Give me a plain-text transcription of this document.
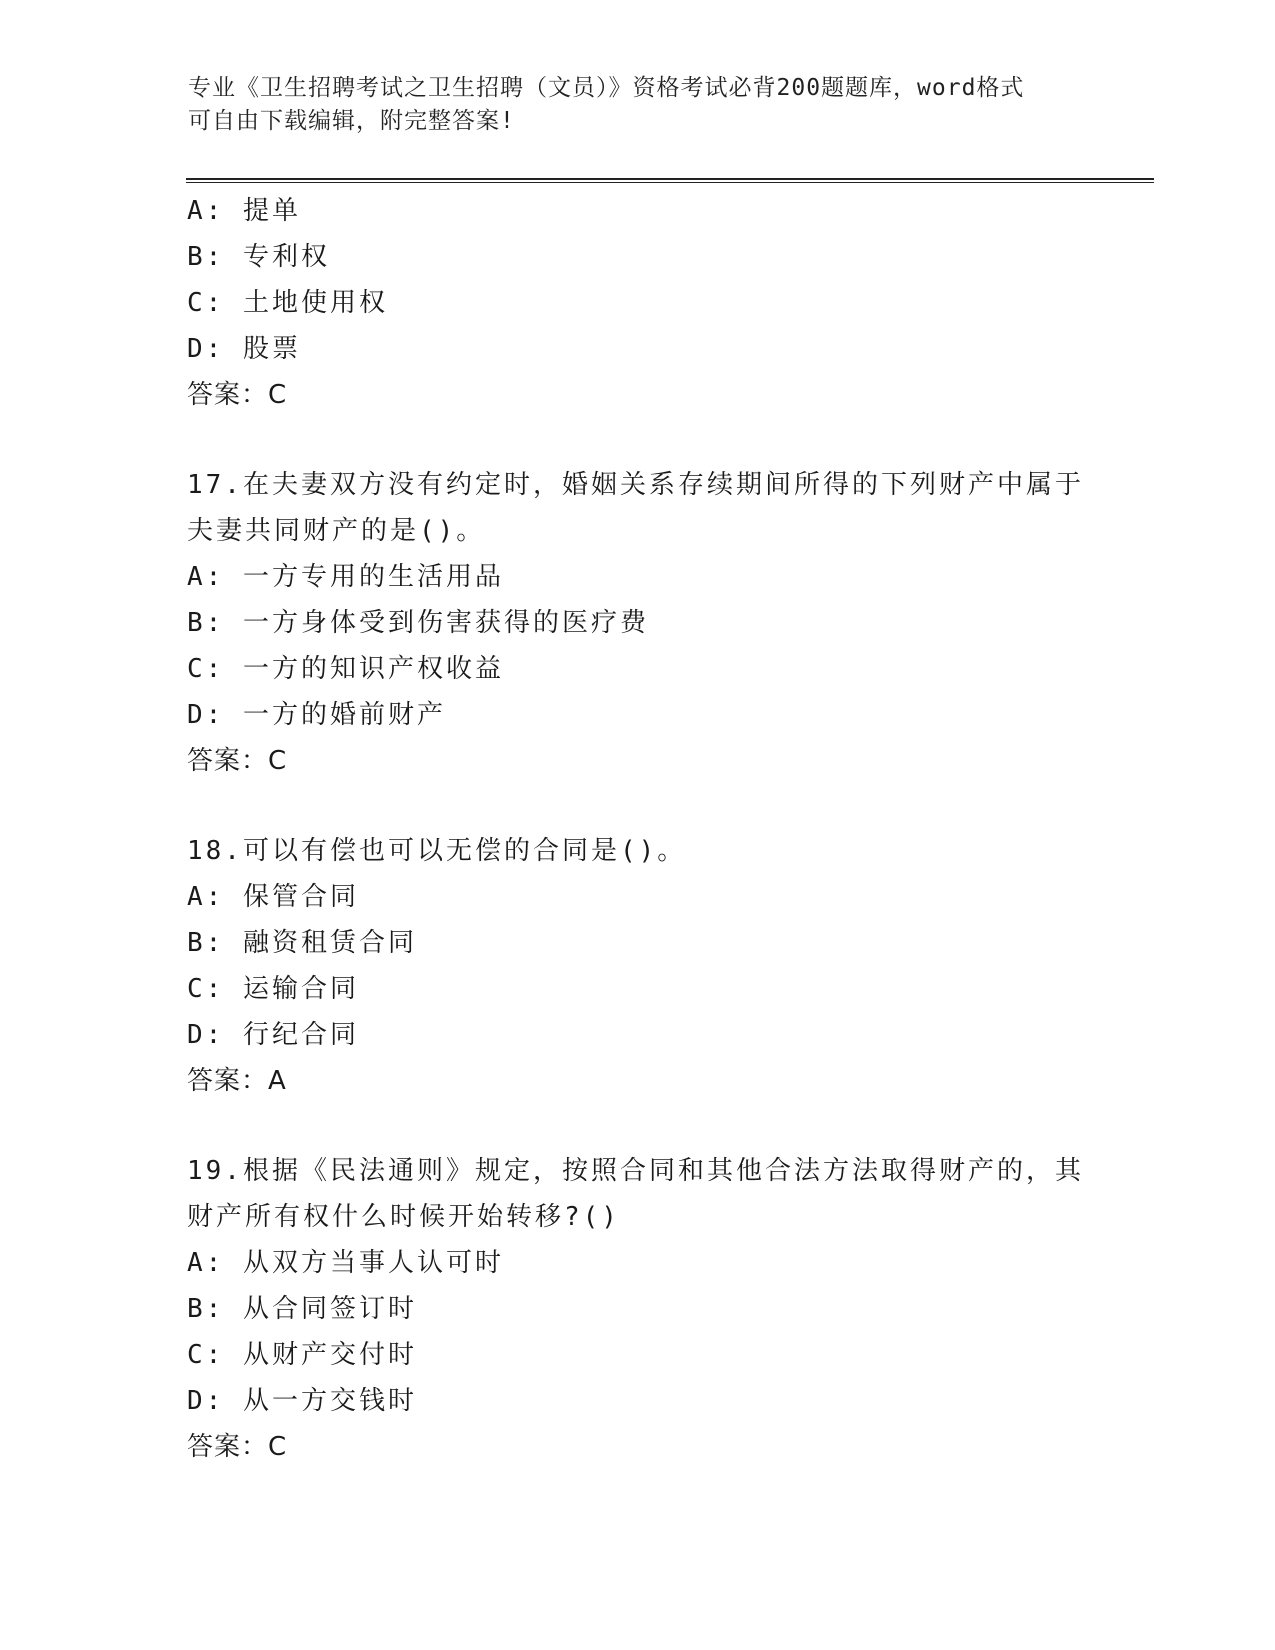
专业《卫生招聘考试之卫生招聘（文员）》资格考试必背200题题库，word格式
可自由下载编辑，附完整答案!
A: 提单
B: 专利权
C: 土地使用权
D: 股票
答案：C
17.在夫妻双方没有约定时，婚姻关系存续期间所得的下列财产中属于
夫妻共同财产的是()。
A: 一方专用的生活用品
B: 一方身体受到伤害获得的医疗费
C: 一方的知识产权收益
D: 一方的婚前财产
答案：C
18.可以有偿也可以无偿的合同是()。
A: 保管合同
B: 融资租赁合同
C: 运输合同
D: 行纪合同
答案：A
19.根据《民法通则》规定，按照合同和其他合法方法取得财产的，其
财产所有权什么时候开始转移?()
A: 从双方当事人认可时
B: 从合同签订时
C: 从财产交付时
D: 从一方交钱时
答案：C
